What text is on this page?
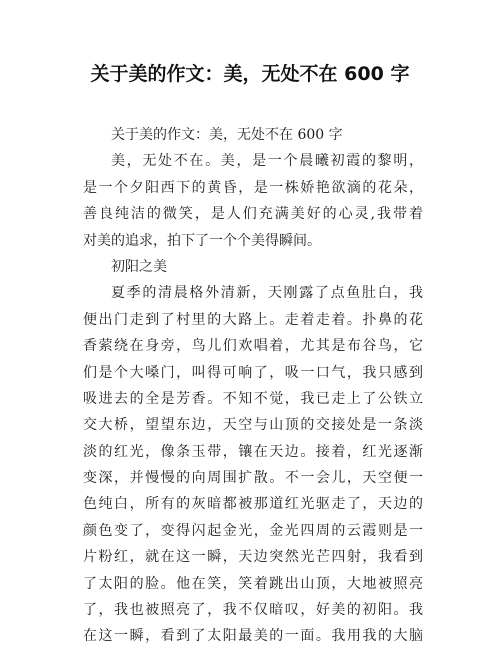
关于美的作文：美，无处不在 600 字
关于美的作文：美，无处不在 600 字
美，无处不在。美，是一个晨曦初霞的黎明，
是一个夕阳西下的黄昏，是一株娇艳欲滴的花朵，
善良纯洁的微笑，是人们充满美好的心灵,我带着
对美的追求，拍下了一个个美得瞬间。
初阳之美
夏季的清晨格外清新，天刚露了点鱼肚白，我
便出门走到了村里的大路上。走着走着。扑鼻的花
香萦绕在身旁，鸟儿们欢唱着，尤其是布谷鸟，它
们是个大嗓门，叫得可响了，吸一口气，我只感到
吸进去的全是芳香。不知不觉，我已走上了公铁立
交大桥，望望东边，天空与山顶的交接处是一条淡
淡的红光，像条玉带，镶在天边。接着，红光逐渐
变深，并慢慢的向周围扩散。不一会儿，天空便一
色纯白，所有的灰暗都被那道红光驱走了，天边的
颜色变了，变得闪起金光，金光四周的云霞则是一
片粉红，就在这一瞬，天边突然光芒四射，我看到
了太阳的脸。他在笑，笑着跳出山顶，大地被照亮
了，我也被照亮了，我不仅暗叹，好美的初阳。我
在这一瞬，看到了太阳最美的一面。我用我的大脑
